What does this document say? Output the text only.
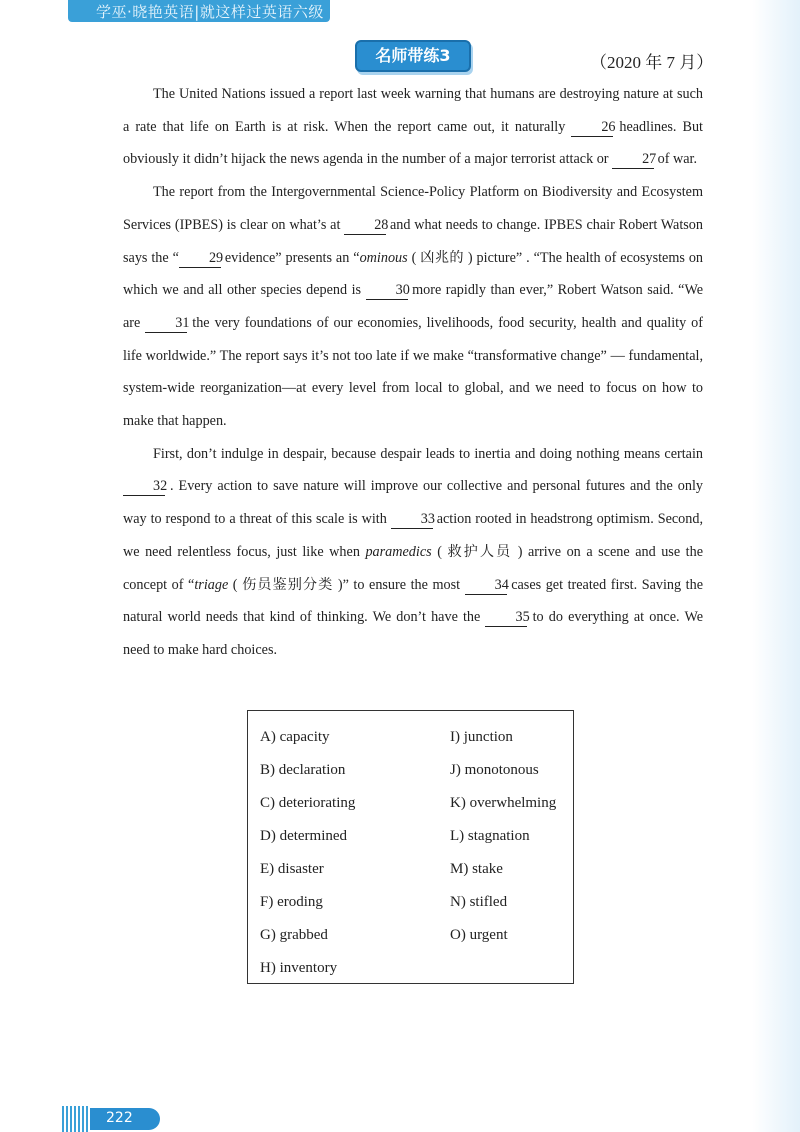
学巫·晓艳英语|就这样过英语六级
名师带练3	（2020 年 7 月）

The United Nations issued a report last week warning that humans are destroying nature at such a rate that life on Earth is at risk. When the report came out, it naturally 26 headlines. But obviously it didn’t hijack the news agenda in the number of a major terrorist attack or 27 of war.

The report from the Intergovernmental Science-Policy Platform on Biodiversity and Ecosystem Services (IPBES) is clear on what’s at 28 and what needs to change. IPBES chair Robert Watson says the “ 29 evidence” presents an “ominous ( 凶兆的 ) picture” . “The health of ecosystems on which we and all other species depend is 30 more rapidly than ever,” Robert Watson said. “We are 31 the very foundations of our economies, livelihoods, food security, health and quality of life worldwide.” The report says it’s not too late if we make “transformative change” — fundamental, system-wide reorganization—at every level from local to global, and we need to focus on how to make that happen.

First, don’t indulge in despair, because despair leads to inertia and doing nothing means certain 32 . Every action to save nature will improve our collective and personal futures and the only way to respond to a threat of this scale is with 33 action rooted in headstrong optimism. Second, we need relentless focus, just like when paramedics ( 救护人员 ) arrive on a scene and use the concept of “triage ( 伤员鉴别分类 )” to ensure the most 34 cases get treated first. Saving the natural world needs that kind of thinking. We don’t have the 35 to do everything at once. We need to make hard choices.

A) capacity
B) declaration
C) deteriorating
D) determined
E) disaster
F) eroding
G) grabbed
H) inventory
I) junction
J) monotonous
K) overwhelming
L) stagnation
M) stake
N) stifled
O) urgent
222
